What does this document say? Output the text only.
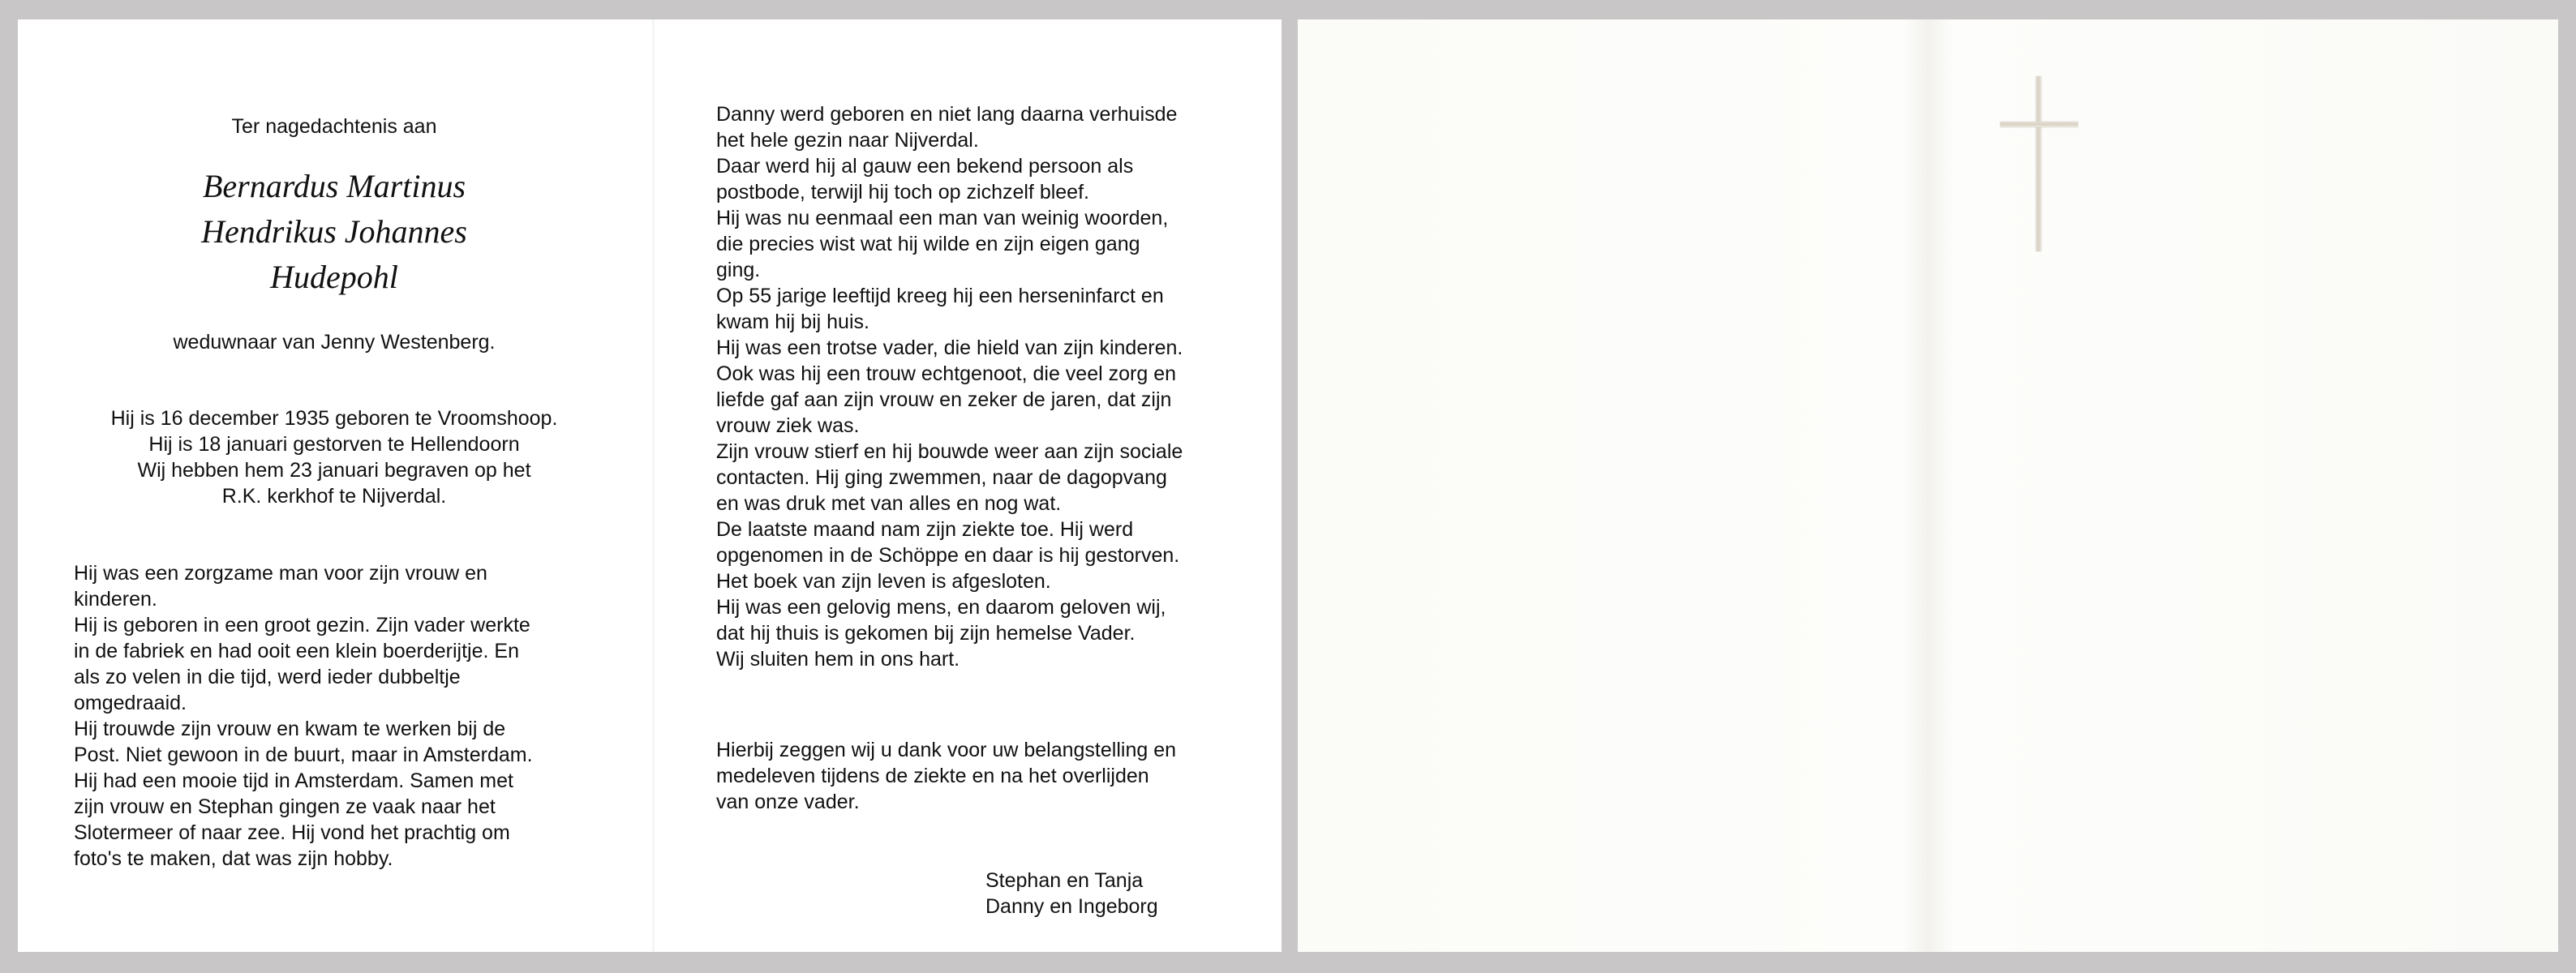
Ter nagedachtenis aan
Bernardus Martinus
Hendrikus Johannes
Hudepohl
weduwnaar van Jenny Westenberg.
Hij is 16 december 1935 geboren te Vroomshoop.
Hij is 18 januari gestorven te Hellendoorn
Wij hebben hem 23 januari begraven op het
R.K. kerkhof te Nijverdal.
Hij was een zorgzame man voor zijn vrouw en
kinderen.
Hij is geboren in een groot gezin. Zijn vader werkte
in de fabriek en had ooit een klein boerderijtje. En
als zo velen in die tijd, werd ieder dubbeltje
omgedraaid.
Hij trouwde zijn vrouw en kwam te werken bij de
Post. Niet gewoon in de buurt, maar in Amsterdam.
Hij had een mooie tijd in Amsterdam. Samen met
zijn vrouw en Stephan gingen ze vaak naar het
Slotermeer of naar zee. Hij vond het prachtig om
foto's te maken, dat was zijn hobby.
Danny werd geboren en niet lang daarna verhuisde
het hele gezin naar Nijverdal.
Daar werd hij al gauw een bekend persoon als
postbode, terwijl hij toch op zichzelf bleef.
Hij was nu eenmaal een man van weinig woorden,
die precies wist wat hij wilde en zijn eigen gang
ging.
Op 55 jarige leeftijd kreeg hij een herseninfarct en
kwam hij bij huis.
Hij was een trotse vader, die hield van zijn kinderen.
Ook was hij een trouw echtgenoot, die veel zorg en
liefde gaf aan zijn vrouw en zeker de jaren, dat zijn
vrouw ziek was.
Zijn vrouw stierf en hij bouwde weer aan zijn sociale
contacten. Hij ging zwemmen, naar de dagopvang
en was druk met van alles en nog wat.
De laatste maand nam zijn ziekte toe. Hij werd
opgenomen in de Schöppe en daar is hij gestorven.
Het boek van zijn leven is afgesloten.
Hij was een gelovig mens, en daarom geloven wij,
dat hij thuis is gekomen bij zijn hemelse Vader.
Wij sluiten hem in ons hart.
Hierbij zeggen wij u dank voor uw belangstelling en
medeleven tijdens de ziekte en na het overlijden
van onze vader.
Stephan en Tanja
Danny en Ingeborg
